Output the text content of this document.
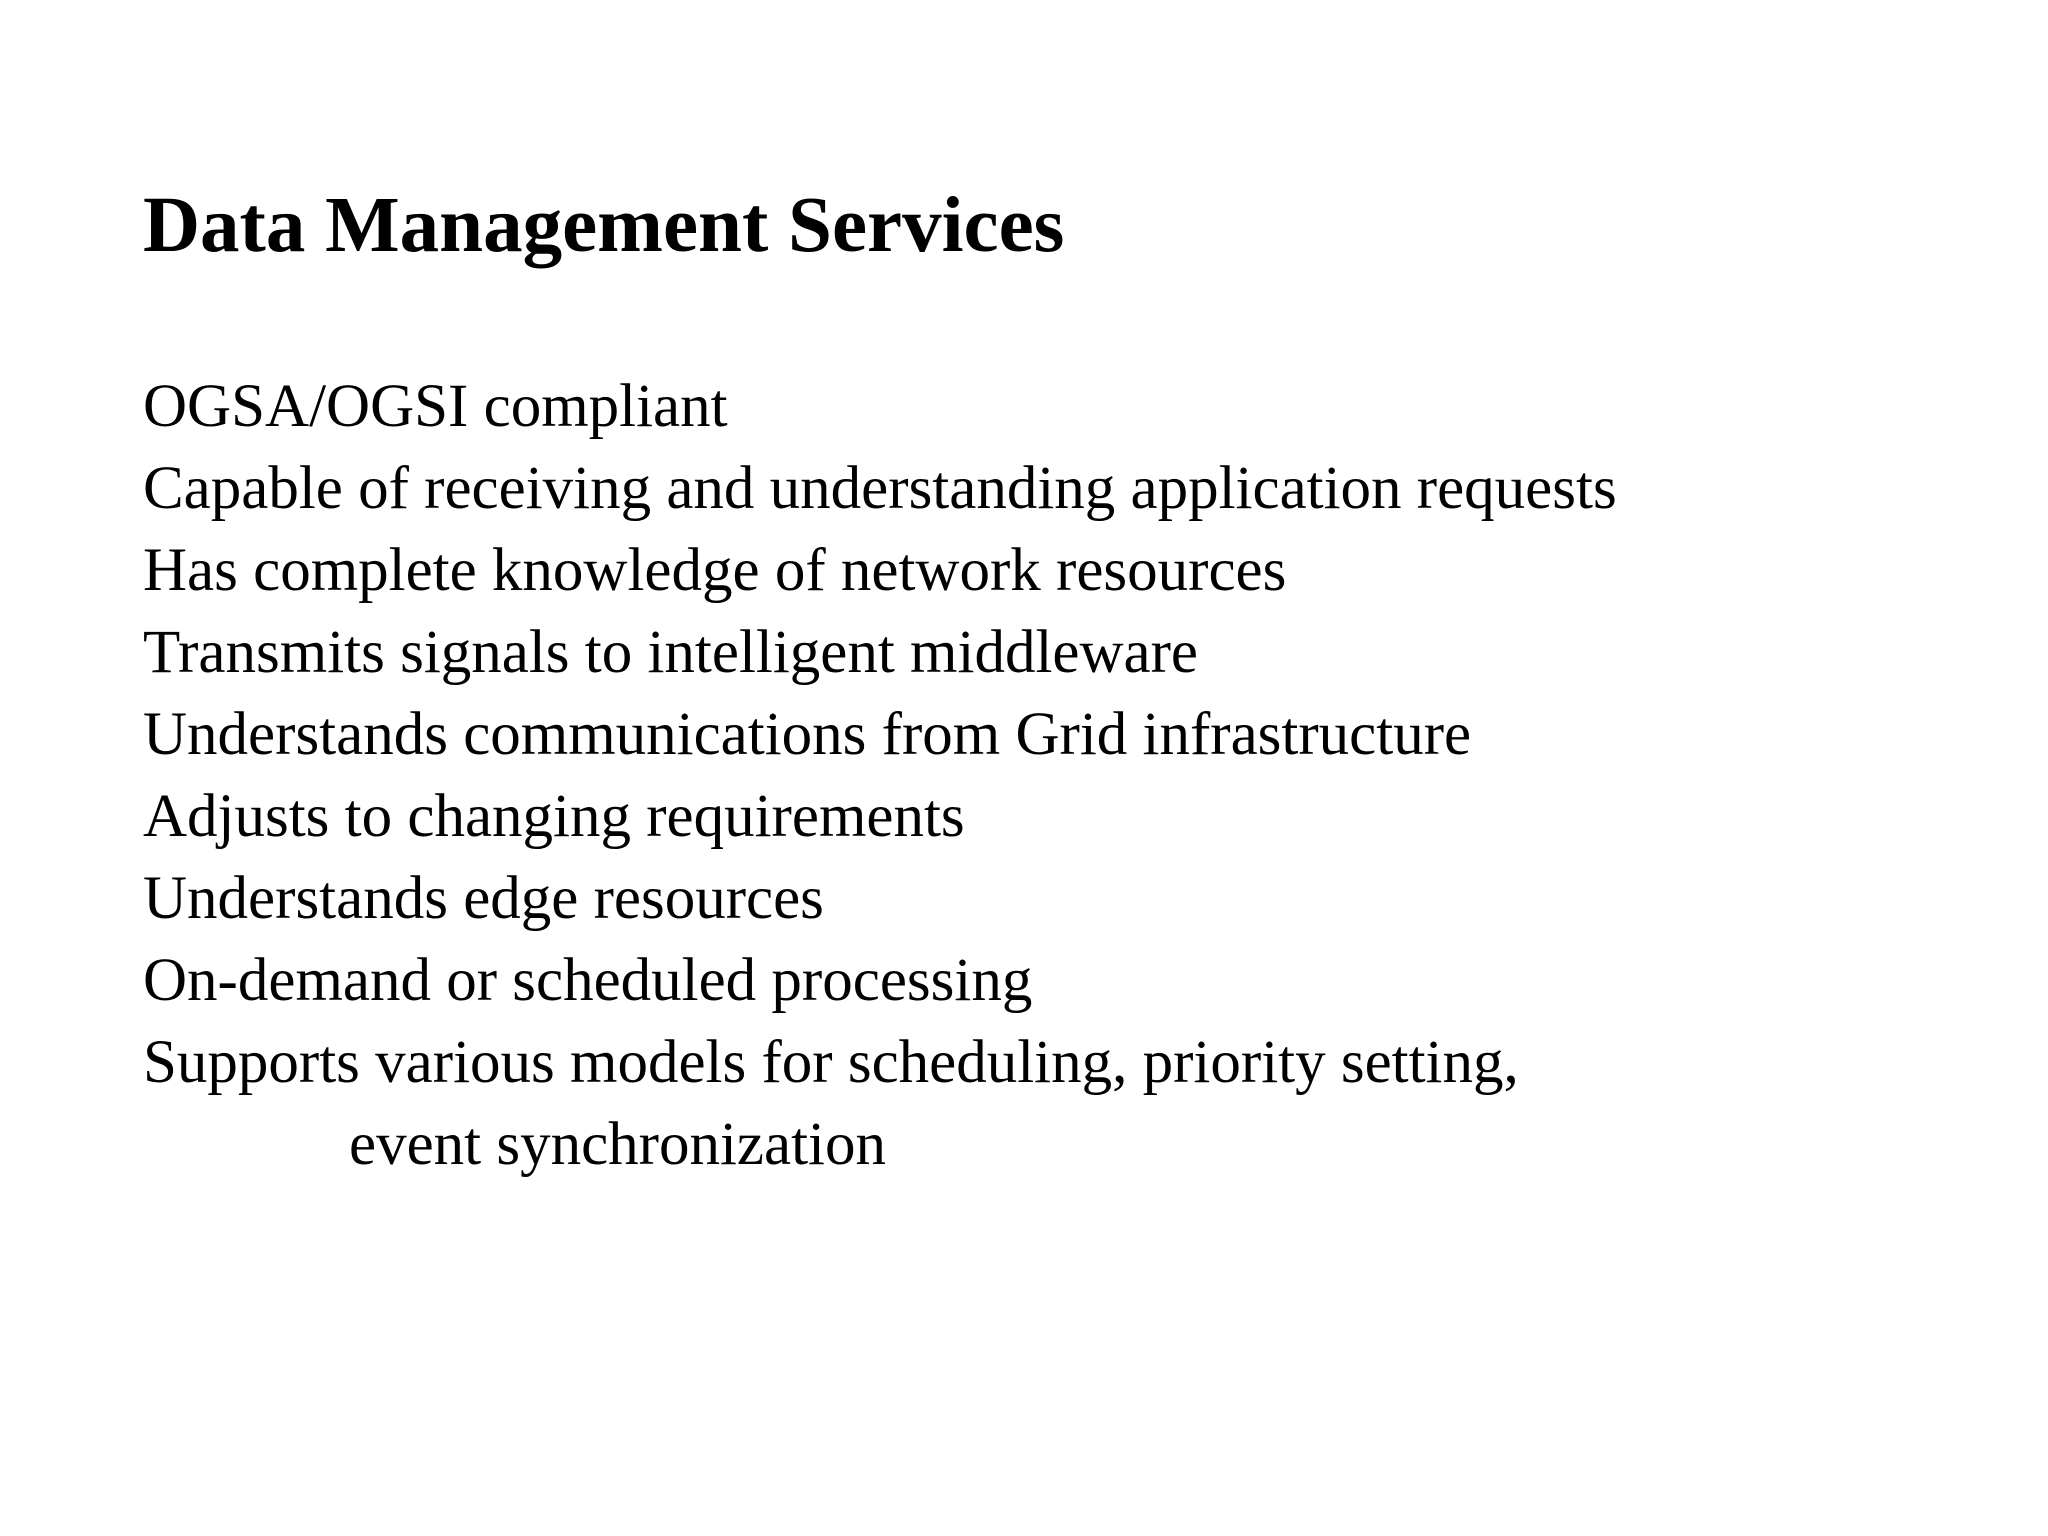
Data Management Services
OGSA/OGSI compliant
Capable of receiving and understanding application requests
Has complete knowledge of network resources
Transmits signals to intelligent middleware
Understands communications from Grid infrastructure
Adjusts to changing requirements
Understands edge resources
On-demand or scheduled processing
Supports various models for scheduling, priority setting,
event synchronization
